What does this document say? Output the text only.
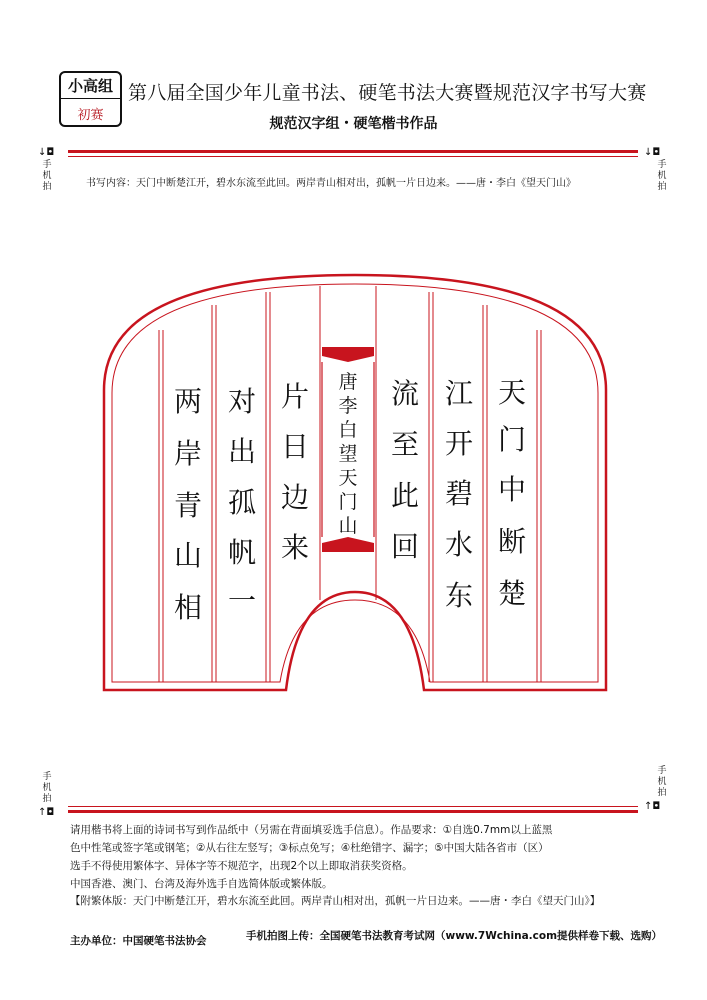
小高组
初赛
第八届全国少年儿童书法、硬笔书法大赛暨规范汉字书写大赛
规范汉字组・硬笔楷书作品
↓◘
手机拍
↓◘
手机拍
书写内容：天门中断楚江开，碧水东流至此回。两岸青山相对出，孤帆一片日边来。——唐・李白《望天门山》
天
门
中
断
楚
江
开
碧
水
东
流
至
此
回
唐
李
白
望
天
门
山
片
日
边
来
对
出
孤
帆
一
两
岸
青
山
相
手机拍
↑◘
手机拍
↑◘
请用楷书将上面的诗词书写到作品纸中（另需在背面填妥选手信息）。作品要求：①自选0.7mm以上蓝黑
色中性笔或签字笔或钢笔；②从右往左竖写；③标点免写；④杜绝错字、漏字；⑤中国大陆各省市（区）
选手不得使用繁体字、异体字等不规范字，出现2个以上即取消获奖资格。
中国香港、澳门、台湾及海外选手自选简体版或繁体版。
【附繁体版：天门中断楚江开，碧水东流至此回。两岸青山相对出，孤帆一片日边来。——唐・李白《望天门山》】
主办单位：中国硬笔书法协会	手机拍图上传：全国硬笔书法教育考试网（www.7Wchina.com提供样卷下载、选购）
